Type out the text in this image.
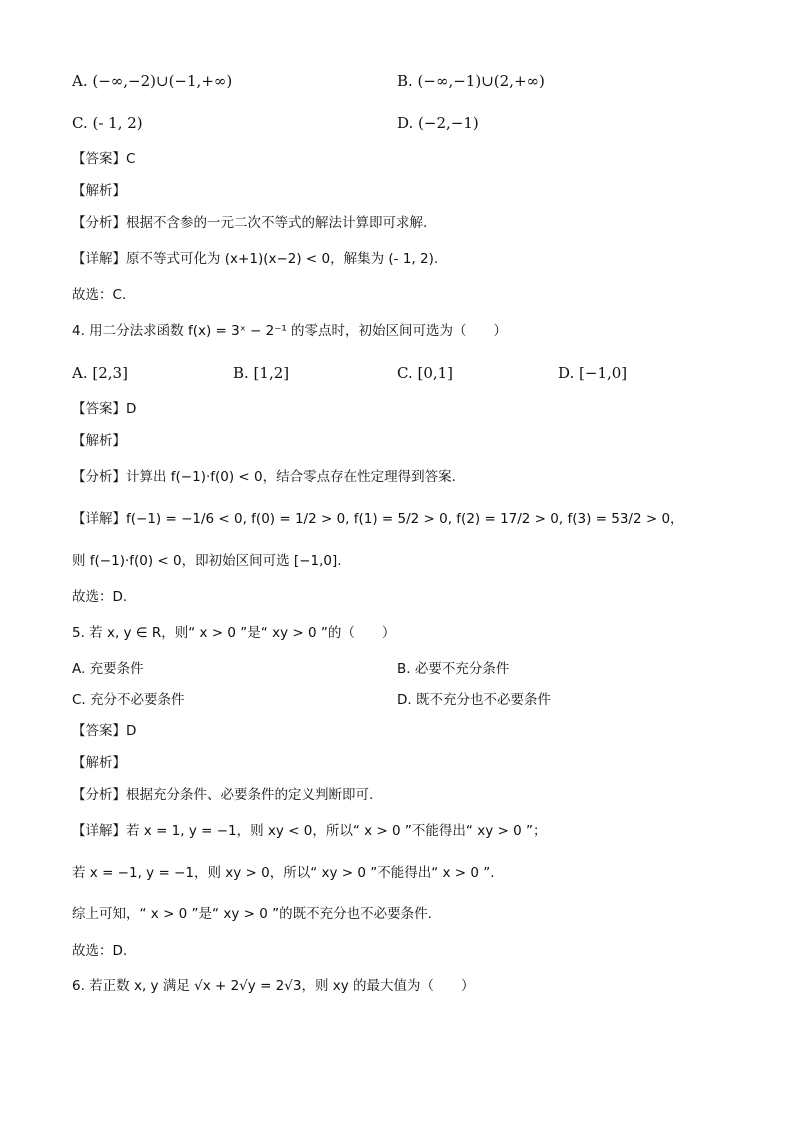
A. (−∞,−2)∪(−1,+∞)	B. (−∞,−1)∪(2,+∞)
C. (- 1, 2)	D. (−2,−1)
【答案】C
【解析】
【分析】根据不含参的一元二次不等式的解法计算即可求解.
【详解】原不等式可化为 (x+1)(x−2) < 0，解集为 (- 1, 2).
故选：C.
4. 用二分法求函数 f(x) = 3ˣ − 2⁻¹ 的零点时，初始区间可选为（　　）
A. [2,3]	B. [1,2]	C. [0,1]	D. [−1,0]
【答案】D
【解析】
【分析】计算出 f(−1)·f(0) < 0，结合零点存在性定理得到答案.
【详解】f(−1) = −1/6 < 0, f(0) = 1/2 > 0, f(1) = 5/2 > 0, f(2) = 17/2 > 0, f(3) = 53/2 > 0，
则 f(−1)·f(0) < 0，即初始区间可选 [−1,0].
故选：D.
5. 若 x, y ∈ R，则“ x > 0 ”是“ xy > 0 ”的（　　）
A. 充要条件	B. 必要不充分条件
C. 充分不必要条件	D. 既不充分也不必要条件
【答案】D
【解析】
【分析】根据充分条件、必要条件的定义判断即可.
【详解】若 x = 1, y = −1，则 xy < 0，所以“ x > 0 ”不能得出“ xy > 0 ”；
若 x = −1, y = −1，则 xy > 0，所以“ xy > 0 ”不能得出“ x > 0 ”.
综上可知，“ x > 0 ”是“ xy > 0 ”的既不充分也不必要条件.
故选：D.
6. 若正数 x, y 满足 √x + 2√y = 2√3，则 xy 的最大值为（　　）
